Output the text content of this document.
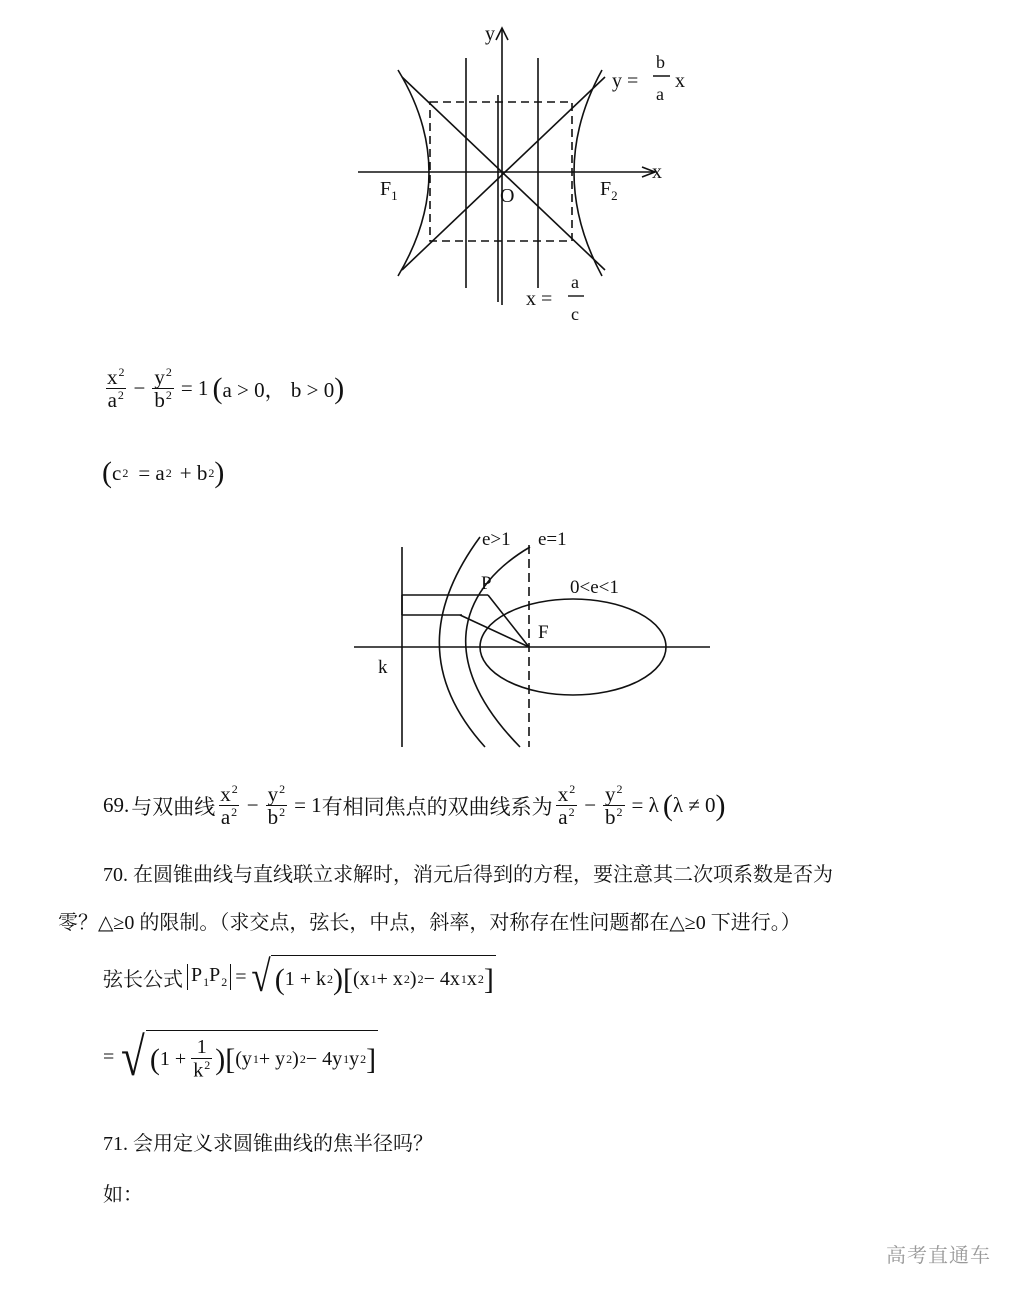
y
x
O
$F_1$	$F_2$
y =
b
a
x
x =
a
c
$\frac{x^2}{a^2} - \frac{y^2}{b^2} = 1$ ( a > 0， b > 0 )
( c 2 = a 2 + b 2 )
e>1 e=1
0<e<1
P
F
k
69. 与双曲线 $\frac{x^2}{a^2} - \frac{y^2}{b^2} = 1$ 有相同焦点的双曲线系为 $\frac{x^2}{a^2} - \frac{y^2}{b^2} = \lambda$ ( λ ≠ 0 )
70. 在圆锥曲线与直线联立求解时，消元后得到的方程，要注意其二次项系数是否为
零？△≥0 的限制。（求交点，弦长，中点，斜率，对称存在性问题都在△≥0 下进行。）
弦长公式 $P_1P_2$ = √ ( 1 + k 2 ) [ (x 1 + x 2 ) 2 − 4x 1 x 2 ]
= √ ( $1 + \frac{1}{k^2}$ ) [ (y 1 + y 2 ) 2 − 4y 1 y 2 ]
71. 会用定义求圆锥曲线的焦半径吗？
如：
高考直通车
